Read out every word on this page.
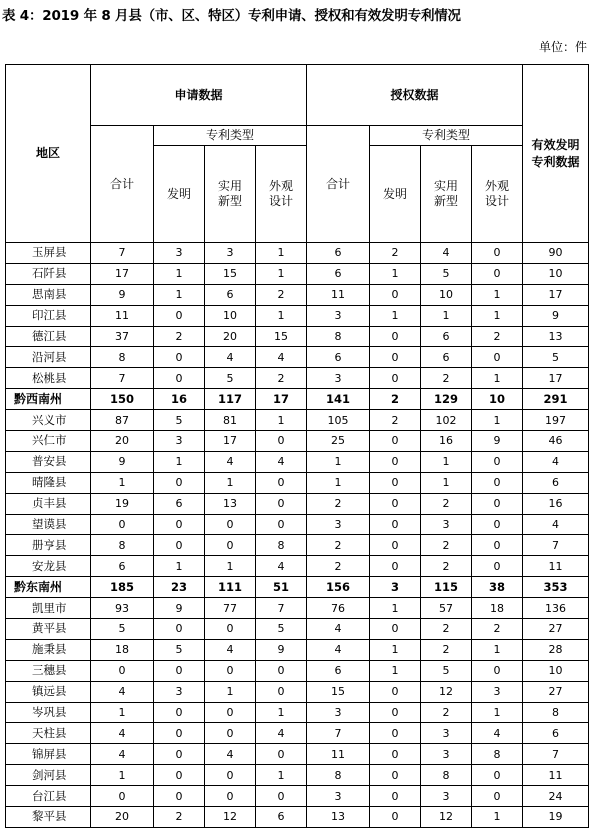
表 4：2019 年 8 月县（市、区、特区）专利申请、授权和有效发明专利情况
单位：件
地区	申请数据				授权数据				有效发明专利数据
	合计	专利类型			合计	专利类型			
		发明	实用新型	外观设计		发明	实用新型	外观设计	
玉屏县	7	3	3	1	6	2	4	0	90
石阡县	17	1	15	1	6	1	5	0	10
思南县	9	1	6	2	11	0	10	1	17
印江县	11	0	10	1	3	1	1	1	9
德江县	37	2	20	15	8	0	6	2	13
沿河县	8	0	4	4	6	0	6	0	5
松桃县	7	0	5	2	3	0	2	1	17
黔西南州	150	16	117	17	141	2	129	10	291
兴义市	87	5	81	1	105	2	102	1	197
兴仁市	20	3	17	0	25	0	16	9	46
普安县	9	1	4	4	1	0	1	0	4
晴隆县	1	0	1	0	1	0	1	0	6
贞丰县	19	6	13	0	2	0	2	0	16
望谟县	0	0	0	0	3	0	3	0	4
册亨县	8	0	0	8	2	0	2	0	7
安龙县	6	1	1	4	2	0	2	0	11
黔东南州	185	23	111	51	156	3	115	38	353
凯里市	93	9	77	7	76	1	57	18	136
黄平县	5	0	0	5	4	0	2	2	27
施秉县	18	5	4	9	4	1	2	1	28
三穗县	0	0	0	0	6	1	5	0	10
镇远县	4	3	1	0	15	0	12	3	27
岑巩县	1	0	0	1	3	0	2	1	8
天柱县	4	0	0	4	7	0	3	4	6
锦屏县	4	0	4	0	11	0	3	8	7
剑河县	1	0	0	1	8	0	8	0	11
台江县	0	0	0	0	3	0	3	0	24
黎平县	20	2	12	6	13	0	12	1	19
